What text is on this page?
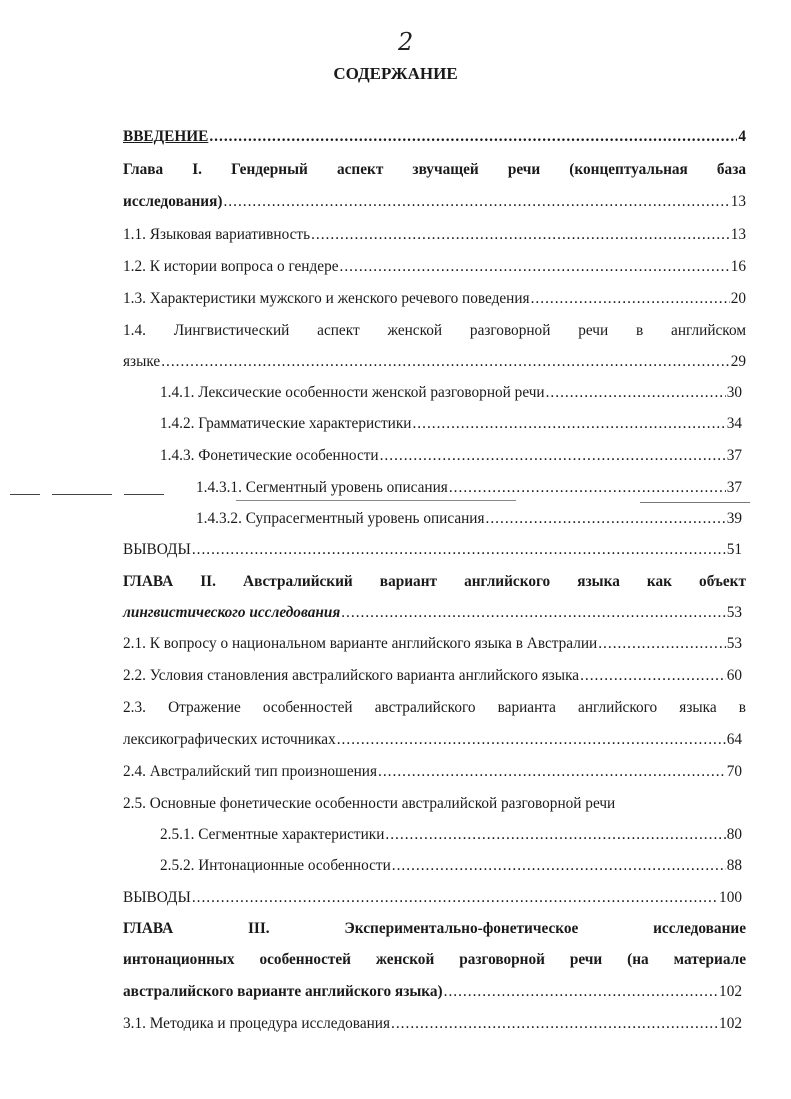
2
СОДЕРЖАНИЕ
ВВЕДЕНИЕ .....	4
Глава I. Гендерный аспект звучащей речи (концептуальная база
исследования) .....	13
1.1. Языковая вариативность .....	13
1.2. К истории вопроса о гендере .....	16
1.3. Характеристики мужского и женского речевого поведения .....	20
1.4. Лингвистический аспект женской разговорной речи в английском
языке .....	29
1.4.1. Лексические особенности женской разговорной речи .....	30
1.4.2. Грамматические характеристики .....	34
1.4.3. Фонетические особенности .....	37
1.4.3.1. Сегментный уровень описания .....	37
1.4.3.2. Супрасегментный уровень описания .....	39
ВЫВОДЫ .....	51
ГЛАВА II. Австралийский вариант английского языка как объект
лингвистического исследования .....	53
2.1. К вопросу о национальном варианте английского языка в Австралии .....	53
2.2. Условия становления австралийского варианта английского языка .....	60
2.3. Отражение особенностей австралийского варианта английского языка в
лексикографических источниках .....	64
2.4. Австралийский тип произношения .....	70
2.5. Основные фонетические особенности австралийской разговорной речи
2.5.1. Сегментные характеристики .....	80
2.5.2. Интонационные особенности .....	88
ВЫВОДЫ .....	100
ГЛАВА III. Экспериментально-фонетическое исследование
интонационных особенностей женской разговорной речи (на материале
австралийского варианте английского языка) .....	102
3.1. Методика и процедура исследования .....	102
